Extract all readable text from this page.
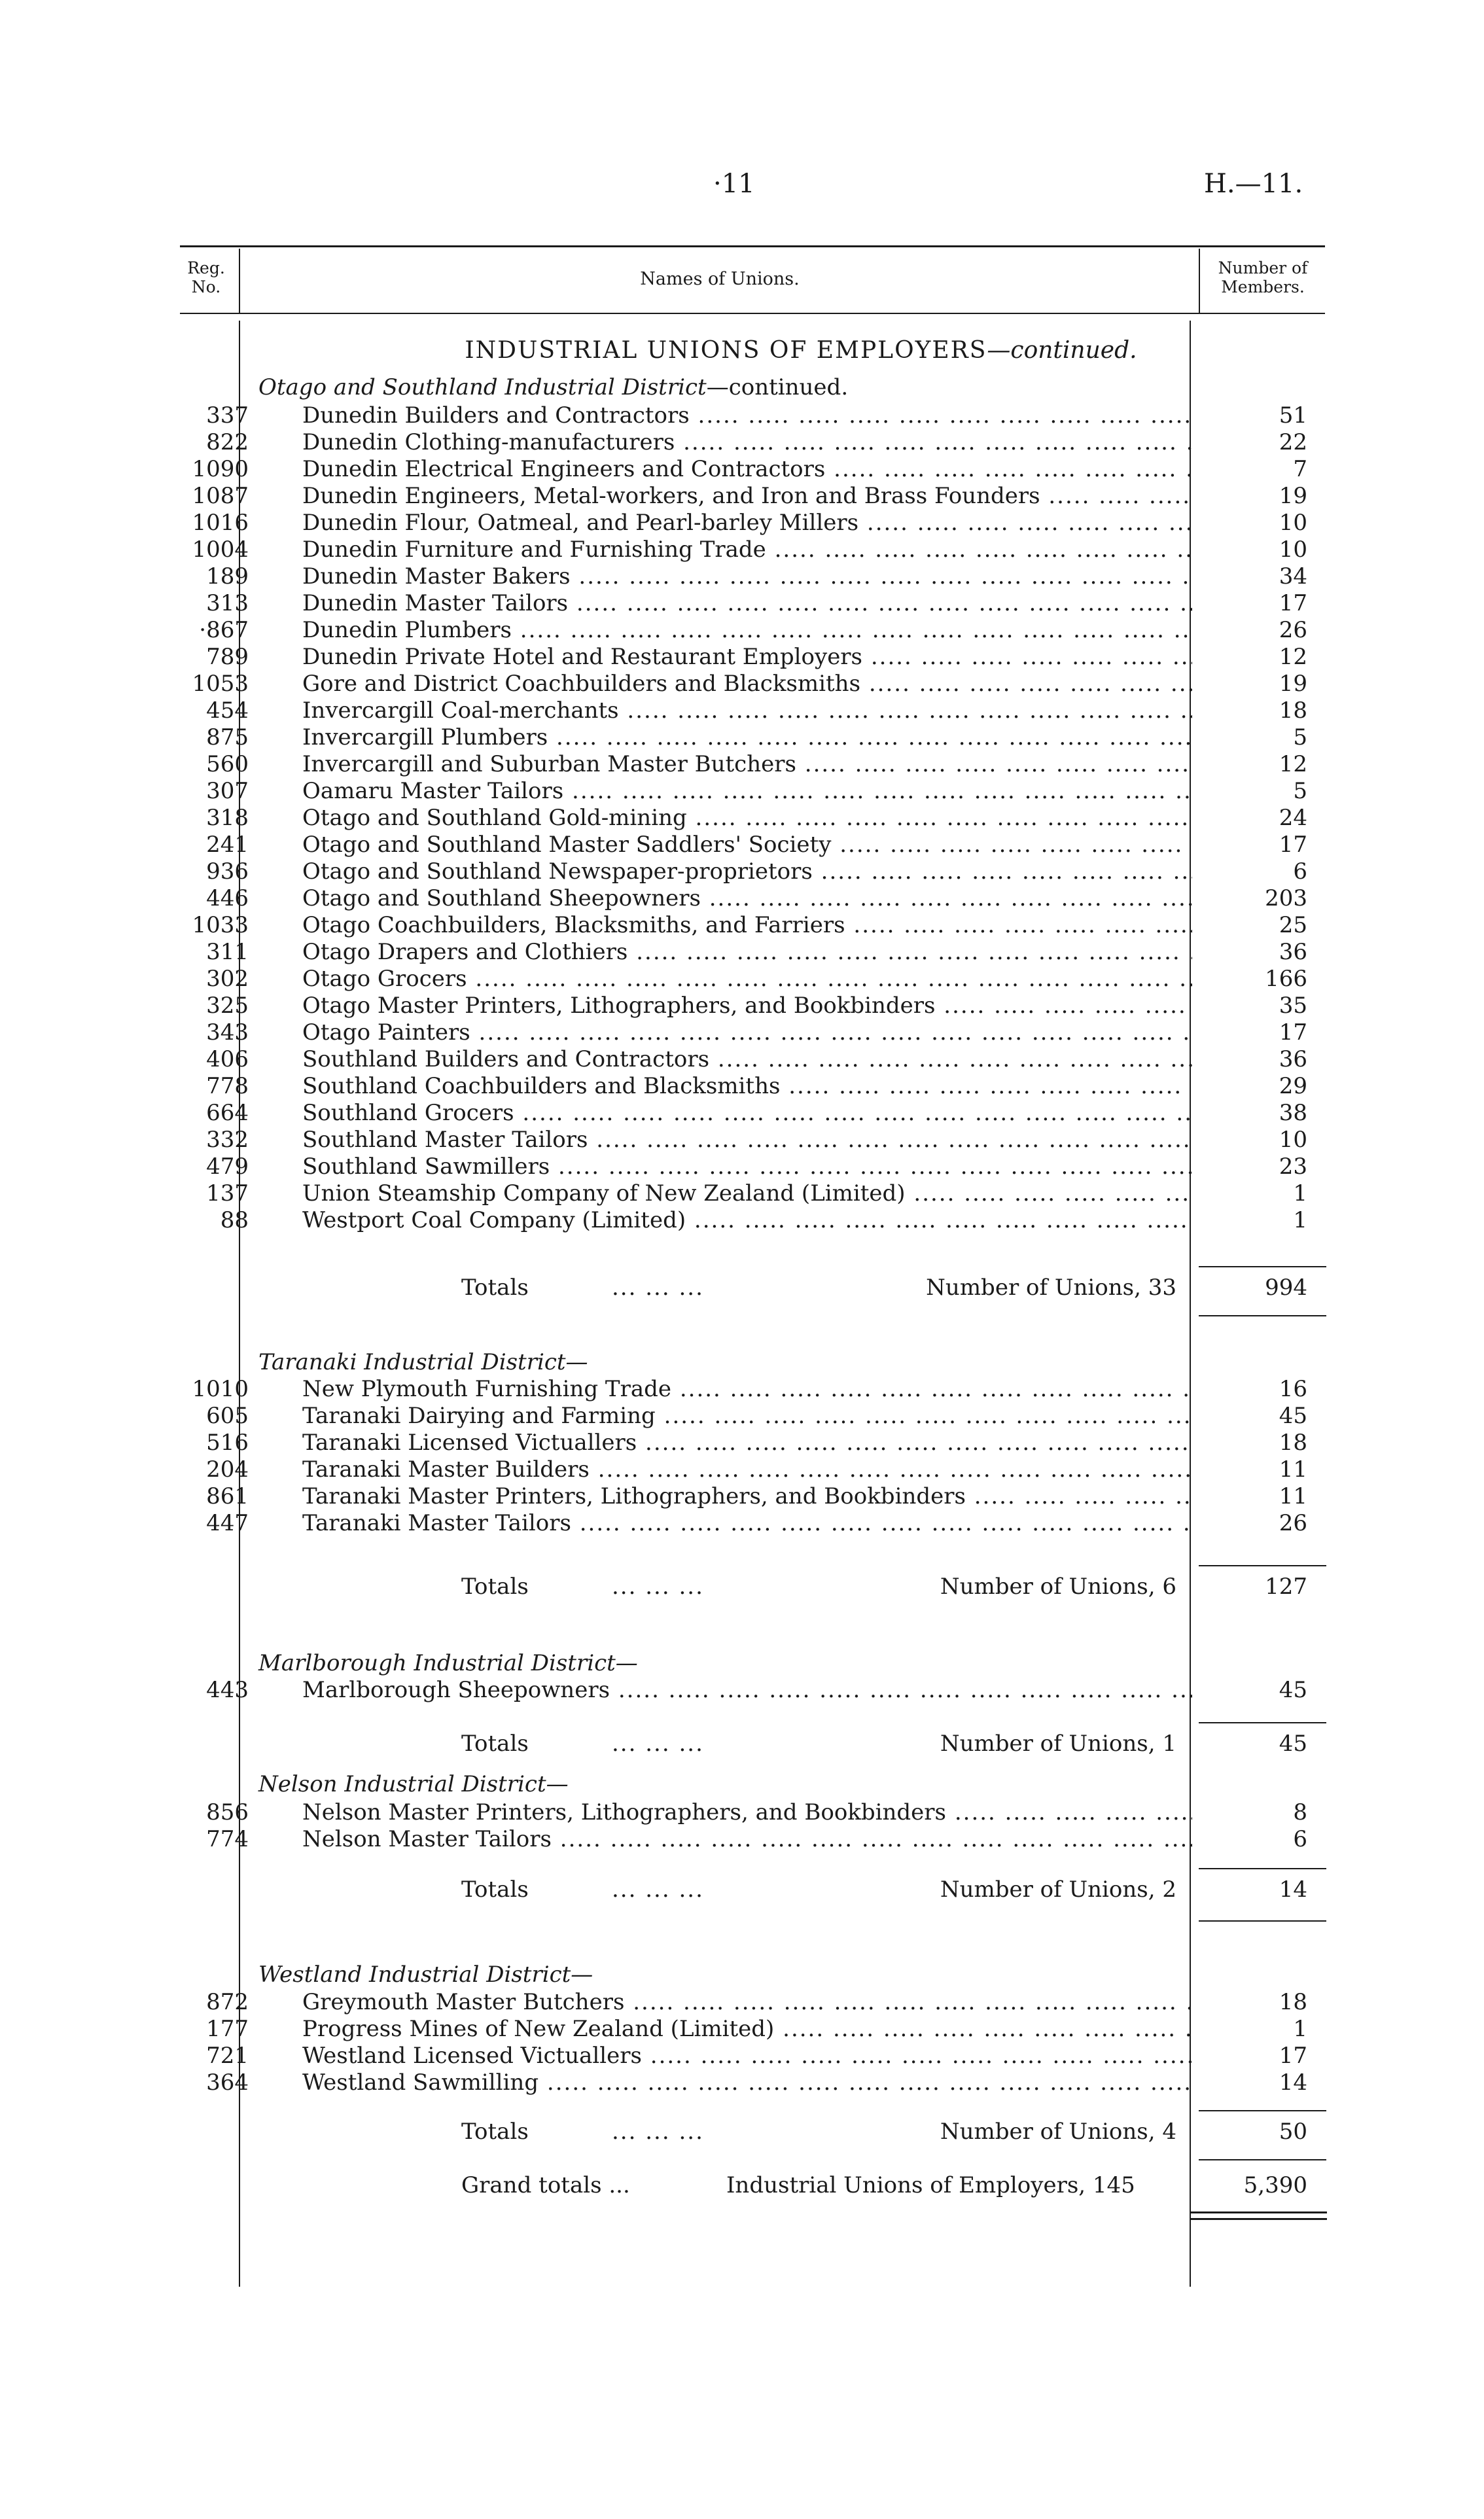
·11	H.—11.
Reg. No.	Names of Unions.
Number of Members.
INDUSTRIAL UNIONS OF EMPLOYERS—continued.
Otago and Southland Industrial District—continued.
337 Dunedin Builders and Contractors .....	51
822 Dunedin Clothing-manufacturers .....	22
1090 Dunedin Electrical Engineers and Contractors .....	7
1087 Dunedin Engineers, Metal-workers, and Iron and Brass Founders .....	19
1016 Dunedin Flour, Oatmeal, and Pearl-barley Millers .....	10
1004 Dunedin Furniture and Furnishing Trade .....	10
189 Dunedin Master Bakers .....	34
313 Dunedin Master Tailors .....	17
·867 Dunedin Plumbers .....	26
789 Dunedin Private Hotel and Restaurant Employers .....	12
1053 Gore and District Coachbuilders and Blacksmiths .....	19
454 Invercargill Coal-merchants .....	18
875 Invercargill Plumbers .....	5
560 Invercargill and Suburban Master Butchers .....	12
307 Oamaru Master Tailors .....	5
318 Otago and Southland Gold-mining .....	24
241 Otago and Southland Master Saddlers' Society .....	17
936 Otago and Southland Newspaper-proprietors .....	6
446 Otago and Southland Sheepowners .....	203
1033 Otago Coachbuilders, Blacksmiths, and Farriers .....	25
311 Otago Drapers and Clothiers .....	36
302 Otago Grocers .....	166
325 Otago Master Printers, Lithographers, and Bookbinders .....	35
343 Otago Painters .....	17
406 Southland Builders and Contractors .....	36
778 Southland Coachbuilders and Blacksmiths .....	29
664 Southland Grocers .....	38
332 Southland Master Tailors .....	10
479 Southland Sawmillers .....	23
137 Union Steamship Company of New Zealand (Limited) .....	1
88 Westport Coal Company (Limited) .....	1
Totals	... ... ...	Number of Unions, 33	994
Taranaki Industrial District—
1010 New Plymouth Furnishing Trade .....	16
605 Taranaki Dairying and Farming .....	45
516 Taranaki Licensed Victuallers .....	18
204 Taranaki Master Builders .....	11
861 Taranaki Master Printers, Lithographers, and Bookbinders .....	11
447 Taranaki Master Tailors .....	26
Totals	... ... ...	Number of Unions, 6	127
Marlborough Industrial District—
443 Marlborough Sheepowners .....	45
Totals	... ... ...	Number of Unions, 1	45
Nelson Industrial District—
856 Nelson Master Printers, Lithographers, and Bookbinders .....	8
774 Nelson Master Tailors .....	6
Totals	... ... ...	Number of Unions, 2	14
Westland Industrial District—
872 Greymouth Master Butchers .....	18
177 Progress Mines of New Zealand (Limited) .....	1
721 Westland Licensed Victuallers .....	17
364 Westland Sawmilling .....	14
Totals	... ... ...	Number of Unions, 4	50
Grand totals ...	Industrial Unions of Employers, 145	5,390
